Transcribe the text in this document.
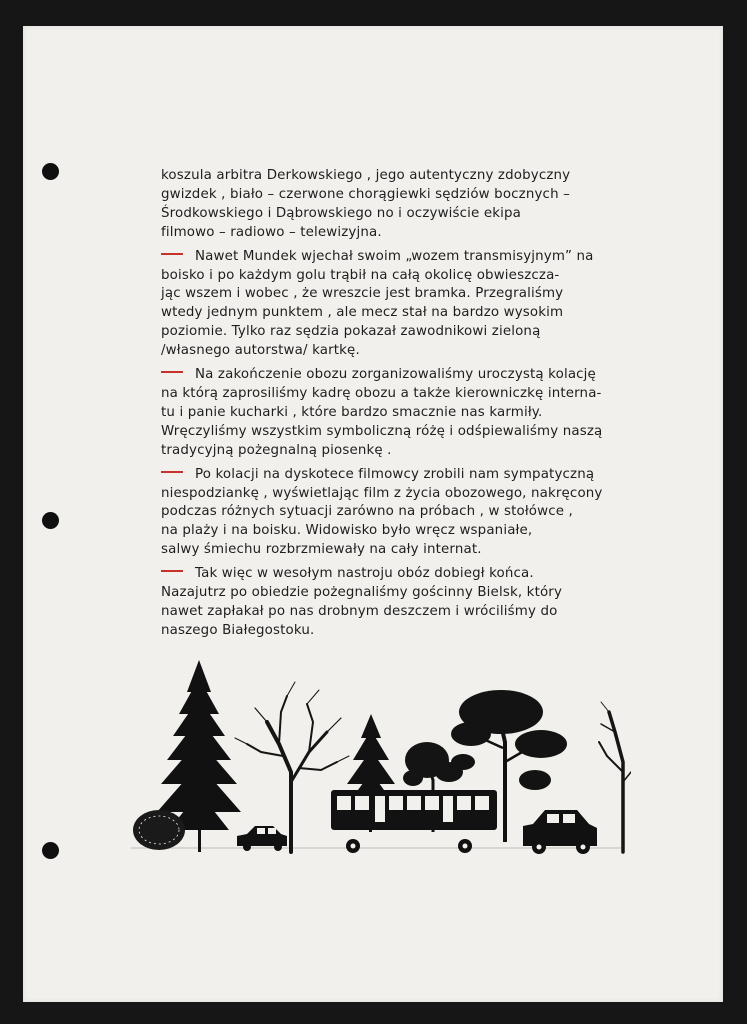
koszula arbitra Derkowskiego , jego autentyczny zdobyczny
gwizdek , biało – czerwone chorągiewki sędziów bocznych –
Środkowskiego i Dąbrowskiego no i oczywiście ekipa
filmowo – radiowo – telewizyjna.
Nawet Mundek wjechał swoim „wozem transmisyjnym” na
boisko i po każdym golu trąbił na całą okolicę obwieszcza-
jąc wszem i wobec , że wreszcie jest bramka. Przegraliśmy
wtedy jednym punktem , ale mecz stał na bardzo wysokim
poziomie. Tylko raz sędzia pokazał zawodnikowi zieloną
/własnego autorstwa/ kartkę.
Na zakończenie obozu zorganizowaliśmy uroczystą kolację
na którą zaprosiliśmy kadrę obozu a także kierowniczkę interna-
tu i panie kucharki , które bardzo smacznie nas karmiły.
Wręczyliśmy wszystkim symboliczną różę i odśpiewaliśmy naszą
tradycyjną pożegnalną piosenkę .
Po kolacji na dyskotece filmowcy zrobili nam sympatyczną
niespodziankę , wyświetlając film z życia obozowego, nakręcony
podczas różnych sytuacji zarówno na próbach , w stołówce ,
na plaży i na boisku. Widowisko było wręcz wspaniałe,
salwy śmiechu rozbrzmiewały na cały internat.
Tak więc w wesołym nastroju obóz dobiegł końca.
Nazajutrz po obiedzie pożegnaliśmy gościnny Bielsk, który
nawet zapłakał po nas drobnym deszczem i wróciliśmy do
naszego Białegostoku.
